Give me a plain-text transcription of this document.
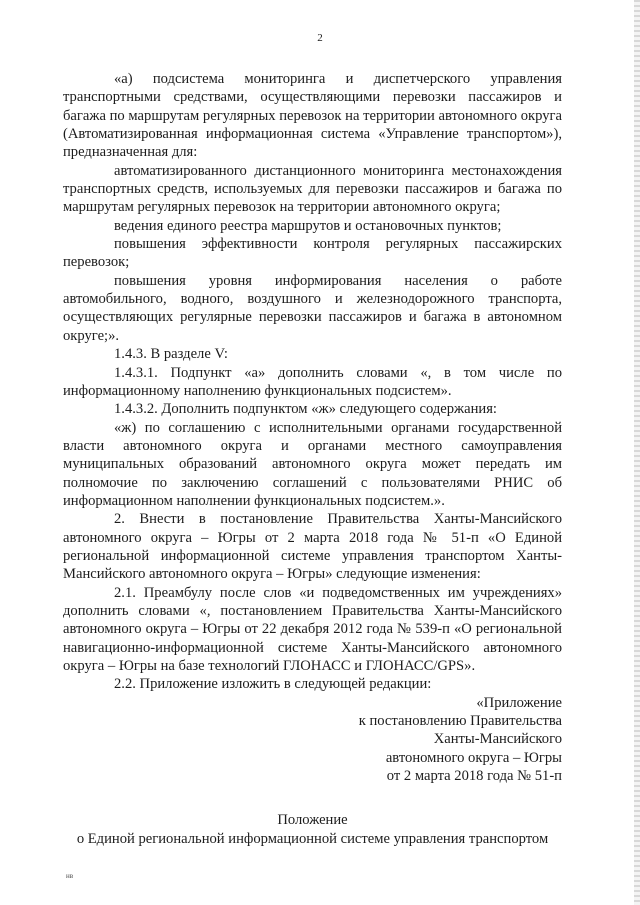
2

«а) подсистема мониторинга и диспетчерского управления транспортными средствами, осуществляющими перевозки пассажиров и багажа по маршрутам регулярных перевозок на территории автономного округа (Автоматизированная информационная система «Управление транспортом»), предназначенная для:

автоматизированного дистанционного мониторинга местонахождения транспортных средств, используемых для перевозки пассажиров и багажа по маршрутам регулярных перевозок на территории автономного округа;

ведения единого реестра маршрутов и остановочных пунктов;

повышения эффективности контроля регулярных пассажирских перевозок;

повышения уровня информирования населения о работе автомобильного, водного, воздушного и железнодорожного транспорта, осуществляющих регулярные перевозки пассажиров и багажа в автономном округе;».

1.4.3. В разделе V:

1.4.3.1. Подпункт «а» дополнить словами «, в том числе по информационному наполнению функциональных подсистем».

1.4.3.2. Дополнить подпунктом «ж» следующего содержания:

«ж) по соглашению с исполнительными органами государственной власти автономного округа и органами местного самоуправления муниципальных образований автономного округа может передать им полномочие по заключению соглашений с пользователями РНИС об информационном наполнении функциональных подсистем.».

2. Внести в постановление Правительства Ханты-Мансийского автономного округа – Югры от 2 марта 2018 года № 51-п «О Единой региональной информационной системе управления транспортом Ханты-Мансийского автономного округа – Югры» следующие изменения:

2.1. Преамбулу после слов «и подведомственных им учреждениях» дополнить словами «, постановлением Правительства Ханты-Мансийского автономного округа – Югры от 22 декабря 2012 года № 539-п «О региональной навигационно-информационной системе Ханты-Мансийского автономного округа – Югры на базе технологий ГЛОНАСС и ГЛОНАСС/GPS».

2.2. Приложение изложить в следующей редакции:

«Приложение
к постановлению Правительства
Ханты-Мансийского
автономного округа – Югры
от 2 марта 2018 года № 51-п

Положение

о Единой региональной информационной системе управления транспортом

нв
